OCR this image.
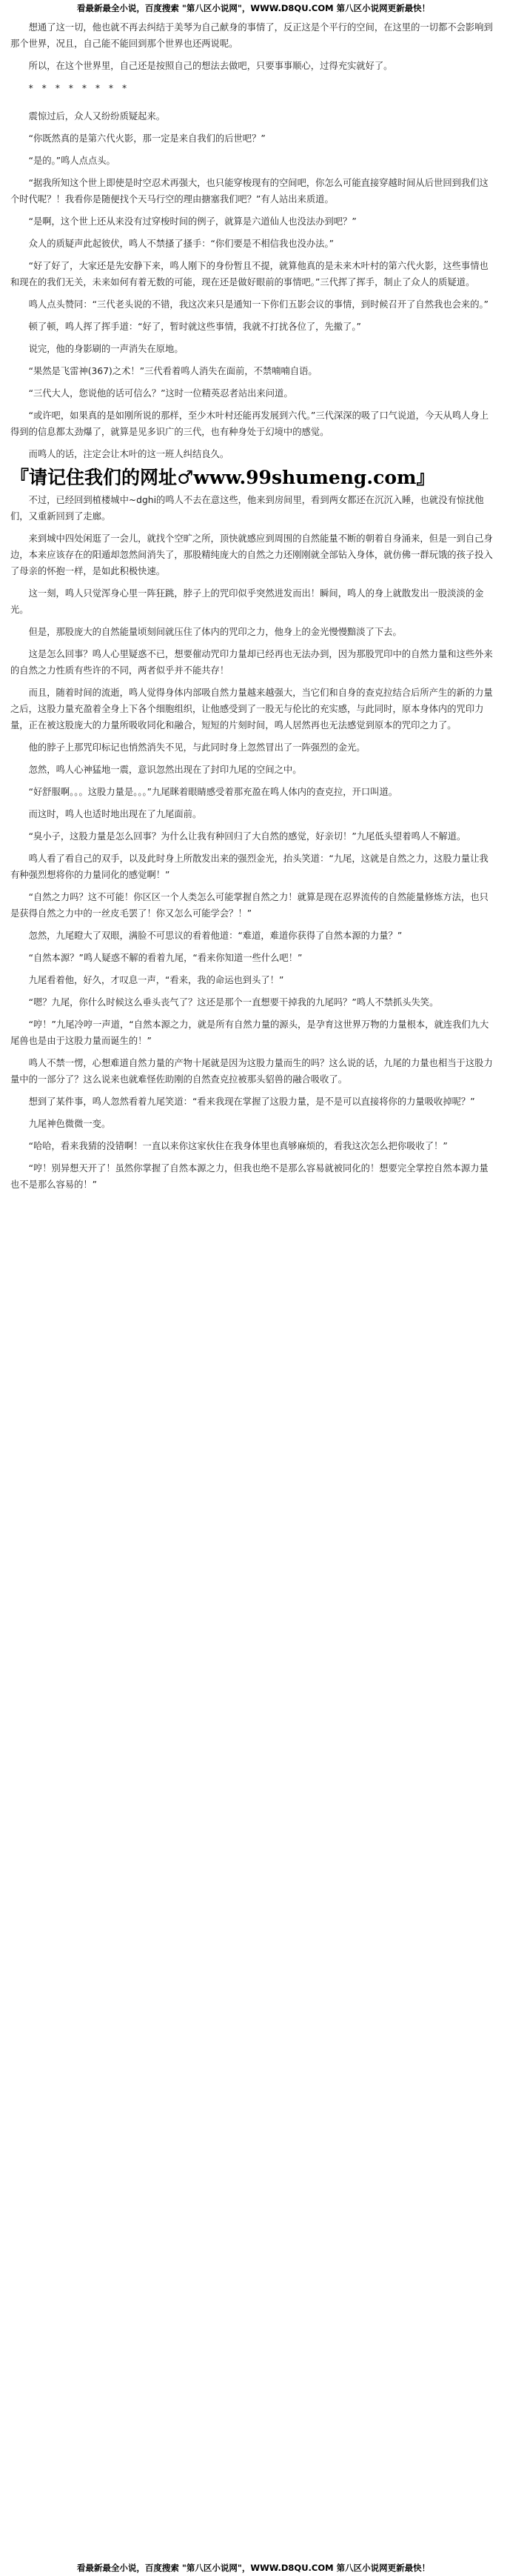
看最新最全小说，百度搜索 "第八区小说网"，WWW.D8QU.COM 第八区小说网更新最快！

想通了这一切，他也就不再去纠结于美琴为自己献身的事情了，反正这是个平行的空间，在这里的一切都不会影响到那个世界，况且，自己能不能回到那个世界也还两说呢。

所以，在这个世界里，自己还是按照自己的想法去做吧，只要事事顺心，过得充实就好了。

* * * * * * * *

震惊过后，众人又纷纷质疑起来。

“你既然真的是第六代火影，那一定是来自我们的后世吧？”

“是的。”鸣人点点头。

“据我所知这个世上即使是时空忍术再强大，也只能穿梭现有的空间吧，你怎么可能直接穿越时间从后世回到我们这个时代呢？！我看你是随便找个天马行空的理由搪塞我们吧？”有人站出来质道。

“是啊，这个世上还从来没有过穿梭时间的例子，就算是六道仙人也没法办到吧？”

众人的质疑声此起彼伏，鸣人不禁搔了搔手：“你们要是不相信我也没办法。”

“好了好了，大家还是先安静下来，鸣人刚下的身份暂且不提，就算他真的是未来木叶村的第六代火影，这些事情也和现在的我们无关，未来如何有着无数的可能，现在还是做好眼前的事情吧。”三代挥了挥手，制止了众人的质疑道。

鸣人点头赞同：“三代老头说的不错，我这次来只是通知一下你们五影会议的事情，到时候召开了自然我也会来的。”

顿了顿，鸣人挥了挥手道：“好了，暂时就这些事情，我就不打扰各位了，先撤了。”

说完，他的身影刷的一声消失在原地。

“果然是飞雷神(367)之术！”三代看着鸣人消失在面前，不禁喃喃自语。

“三代大人，您说他的话可信么？”这时一位精英忍者站出来问道。

“或许吧，如果真的是如刚所说的那样，至少木叶村还能再发展到六代。”三代深深的吸了口气说道，今天从鸣人身上得到的信息都太劲爆了，就算是见多识广的三代，也有种身处于幻境中的感觉。

而鸣人的话，注定会让木叶的这一班人纠结良久。

『请记住我们的网址♂www.99shumeng.com』

不过，已经回到植楼城中~dghi的鸣人不去在意这些，他来到房间里，看到两女都还在沉沉入睡，也就没有惊扰他们，又重新回到了走廊。

来到城中四处闲逛了一会儿，就找个空旷之所，顶快就感应到周围的自然能量不断的朝着自身涌来，但是一到自己身边，本来应该存在的阳遁却忽然间消失了，那股精纯庞大的自然之力还刚刚就全部钻入身体，就仿佛一群玩饿的孩子投入了母亲的怀抱一样，是如此积极快速。

这一刻，鸣人只觉浑身心里一阵狂跳，脖子上的咒印似乎突然进发而出！瞬间，鸣人的身上就散发出一股淡淡的金光。

但是，那股庞大的自然能量顷刻间就压住了体内的咒印之力，他身上的金光慢慢黯淡了下去。

这是怎么回事？鸣人心里疑惑不已，想要催动咒印力量却已经再也无法办到，因为那股咒印中的自然力量和这些外来的自然之力性质有些许的不同，两者似乎并不能共存！

而且，随着时间的流逝，鸣人觉得身体内部吸自然力量越来越强大，当它们和自身的查克拉结合后所产生的新的力量之后，这股力量充盈着全身上下各个细胞组织，让他感受到了一股无与伦比的充实感，与此同时，原本身体内的咒印力量，正在被这股庞大的力量所吸收同化和融合，短短的片刻时间，鸣人居然再也无法感觉到原本的咒印之力了。

他的脖子上那咒印标记也悄然消失不见，与此同时身上忽然冒出了一阵强烈的金光。

忽然，鸣人心神猛地一震，意识忽然出现在了封印九尾的空间之中。

“好舒服啊。。。这股力量是。。。”九尾眯着眼睛感受着那充盈在鸣人体内的查克拉，开口叫道。

而这时，鸣人也适时地出现在了九尾面前。

“臭小子，这股力量是怎么回事？为什么让我有种回归了大自然的感觉，好亲切！”九尾低头望着鸣人不解道。

鸣人看了看自己的双手，以及此时身上所散发出来的强烈金光，抬头笑道：“九尾，这就是自然之力，这股力量让我有种强烈想将你的力量同化的感觉啊！”

“自然之力吗？这不可能！你区区一个人类怎么可能掌握自然之力！就算是现在忍界流传的自然能量修炼方法，也只是获得自然之力中的一丝皮毛罢了！你又怎么可能学会？！”

忽然，九尾瞪大了双眼，满脸不可思议的看着他道：“难道，难道你获得了自然本源的力量？”

“自然本源？”鸣人疑惑不解的看着九尾，“看来你知道一些什么吧！”

九尾看着他，好久，才叹息一声，“看来，我的命运也到头了！”

“嗯？九尾，你什么时候这么垂头丧气了？这还是那个一直想要干掉我的九尾吗？”鸣人不禁抓头失笑。

“哼！”九尾冷哼一声道，“自然本源之力，就是所有自然力量的源头，是孕育这世界万物的力量根本，就连我们九大尾兽也是由于这股力量而诞生的！”

鸣人不禁一愣，心想难道自然力量的产物十尾就是因为这股力量而生的吗？这么说的话，九尾的力量也相当于这股力量中的一部分了？这么说来也就难怪佐助刚的自然查克拉被那头貂兽的融合吸收了。

想到了某件事，鸣人忽然看着九尾笑道：“看来我现在掌握了这股力量，是不是可以直接将你的力量吸收掉呢？”

九尾神色微微一变。

“哈哈，看来我猜的没错啊！一直以来你这家伙住在我身体里也真够麻烦的，看我这次怎么把你吸收了！”

“哼！别异想天开了！虽然你掌握了自然本源之力，但我也绝不是那么容易就被同化的！想要完全掌控自然本源力量也不是那么容易的！”

看最新最全小说，百度搜索 "第八区小说网"，WWW.D8QU.COM 第八区小说网更新最快！
